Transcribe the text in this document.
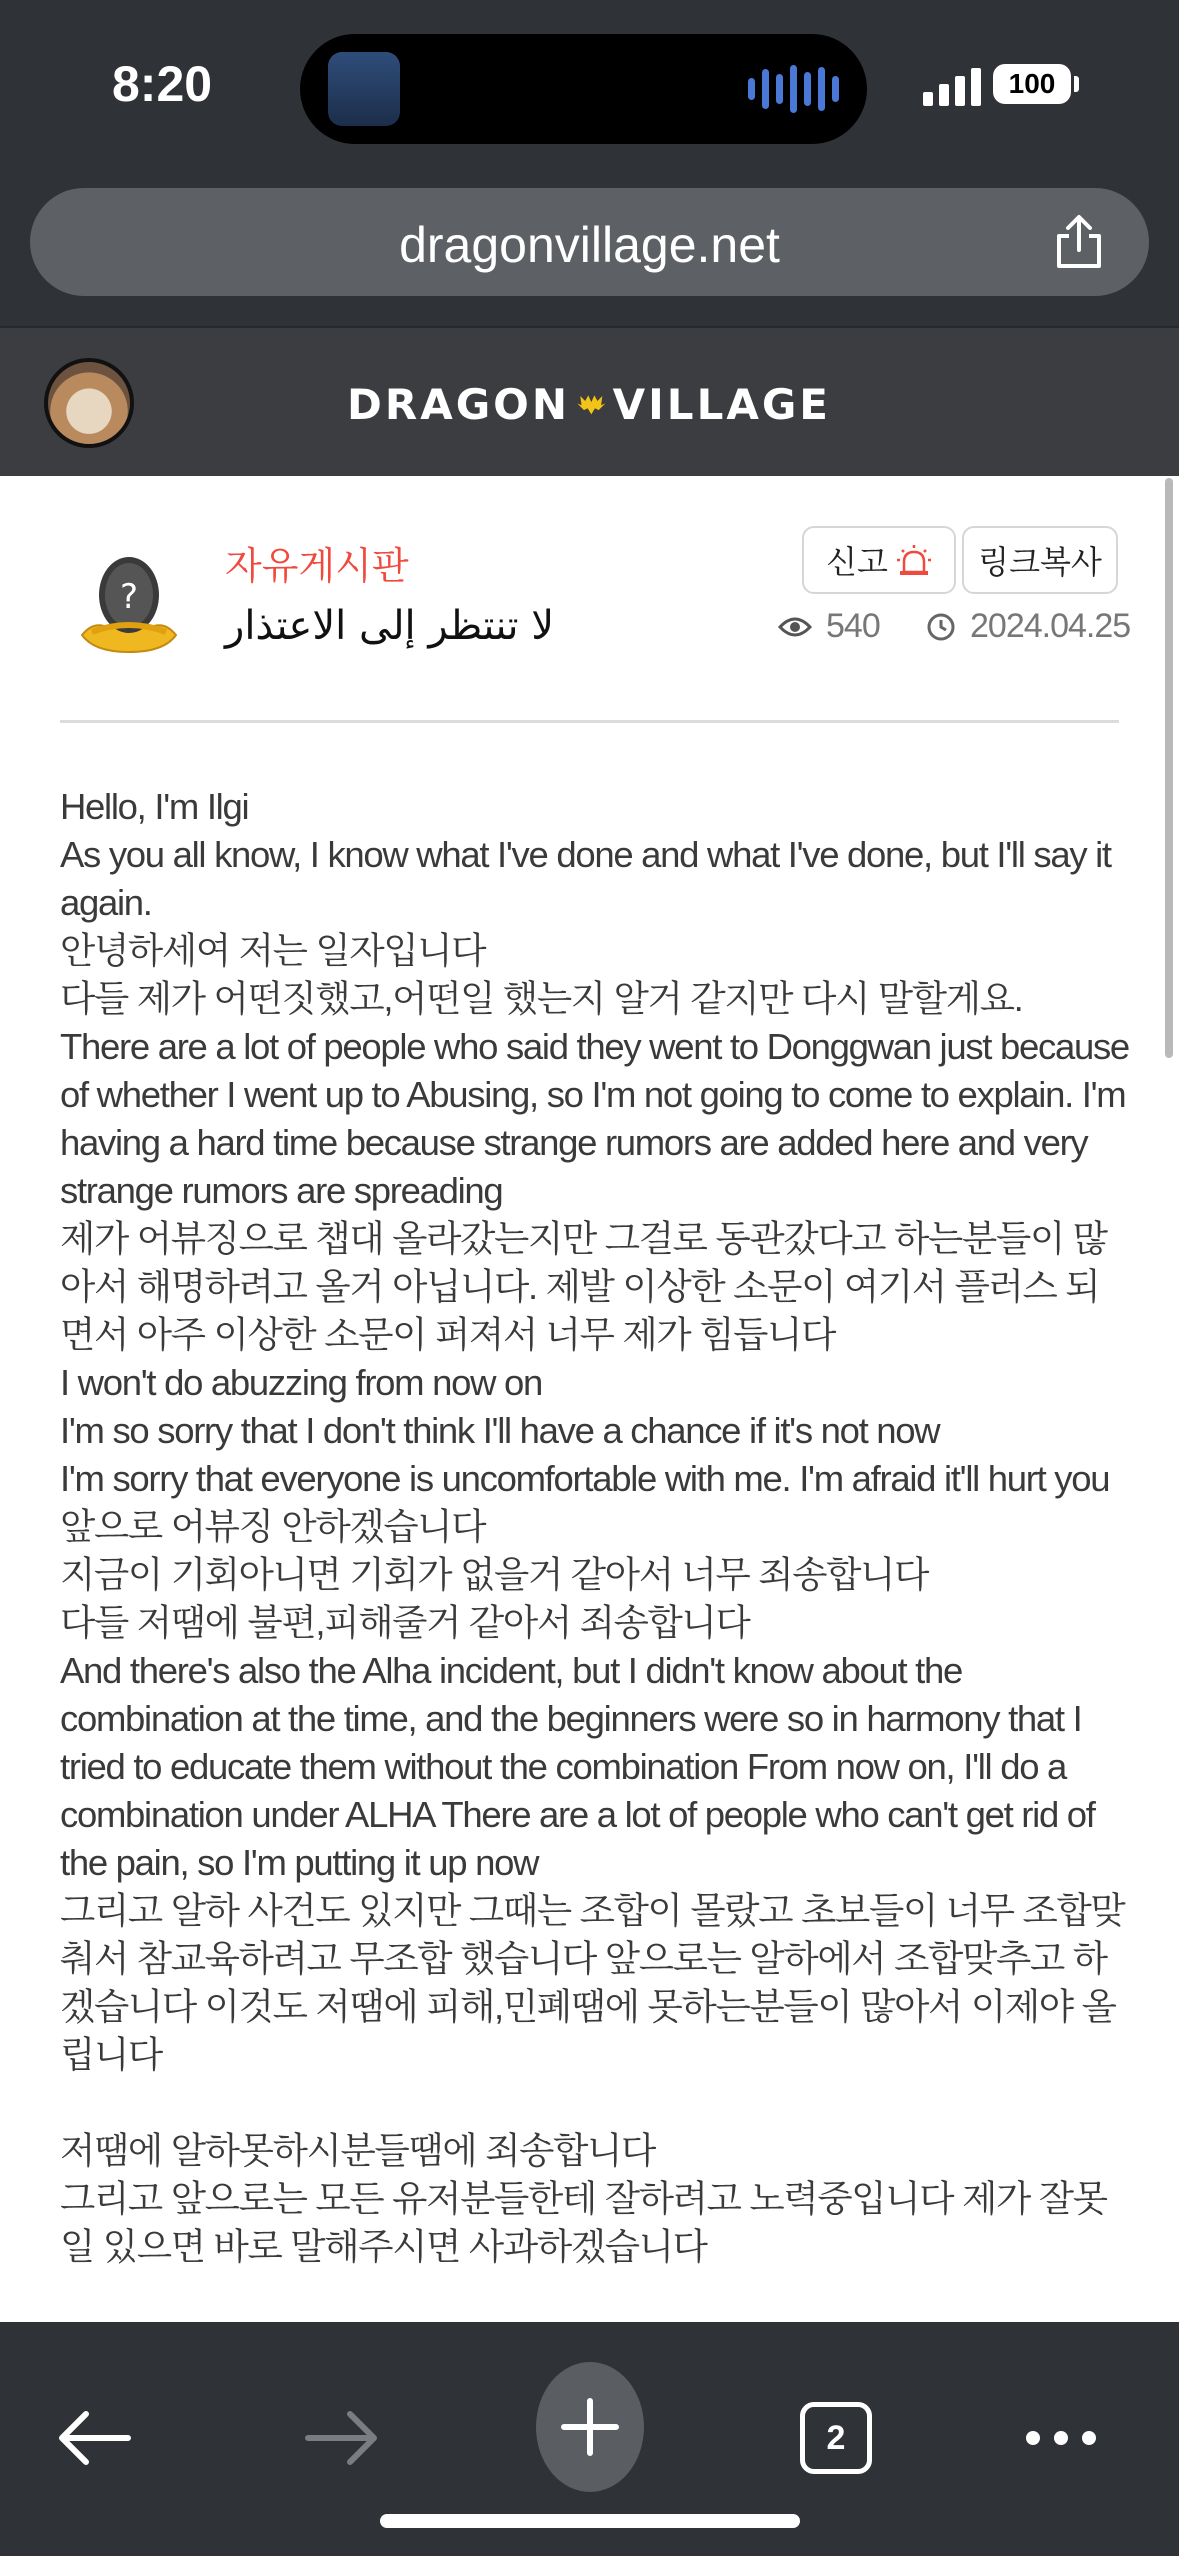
8:20	100
dragonvillage.net
DRAGON VILLAGE
?
자유게시판
لا تنتظر إلى الاعتذار
신고	링크복사
540	2024.04.25

Hello, I'm Ilgi

As you all know, I know what I've done and what I've done, but I'll say it again.

안녕하세여 저는 일자입니다

다들 제가 어떤짓했고,어떤일 했는지 알거 같지만 다시 말할게요.

There are a lot of people who said they went to Donggwan just because of whether I went up to Abusing, so I'm not going to come to explain. I'm having a hard time because strange rumors are added here and very strange rumors are spreading

제가 어뷰징으로 챕대 올라갔는지만 그걸로 동관갔다고 하는분들이 많아서 해명하려고 올거 아닙니다. 제발 이상한 소문이 여기서 플러스 되면서 아주 이상한 소문이 퍼져서 너무 제가 힘듭니다

I won't do abuzzing from now on

I'm so sorry that I don't think I'll have a chance if it's not now

I'm sorry that everyone is uncomfortable with me. I'm afraid it'll hurt you

앞으로 어뷰징 안하겠습니다

지금이 기회아니면 기회가 없을거 같아서 너무 죄송합니다

다들 저땜에 불편,피해줄거 같아서 죄송합니다

And there's also the Alha incident, but I didn't know about the combination at the time, and the beginners were so in harmony that I tried to educate them without the combination From now on, I'll do a combination under ALHA There are a lot of people who can't get rid of the pain, so I'm putting it up now

그리고 알하 사건도 있지만 그때는 조합이 몰랐고 초보들이 너무 조합맞춰서 참교육하려고 무조합 했습니다 앞으로는 알하에서 조합맞추고 하겠습니다 이것도 저땜에 피해,민폐땜에 못하는분들이 많아서 이제야 올립니다

저땜에 알하못하시분들땜에 죄송합니다

그리고 앞으로는 모든 유저분들한테 잘하려고 노력중입니다 제가 잘못일 있으면 바로 말해주시면 사과하겠습니다

2
